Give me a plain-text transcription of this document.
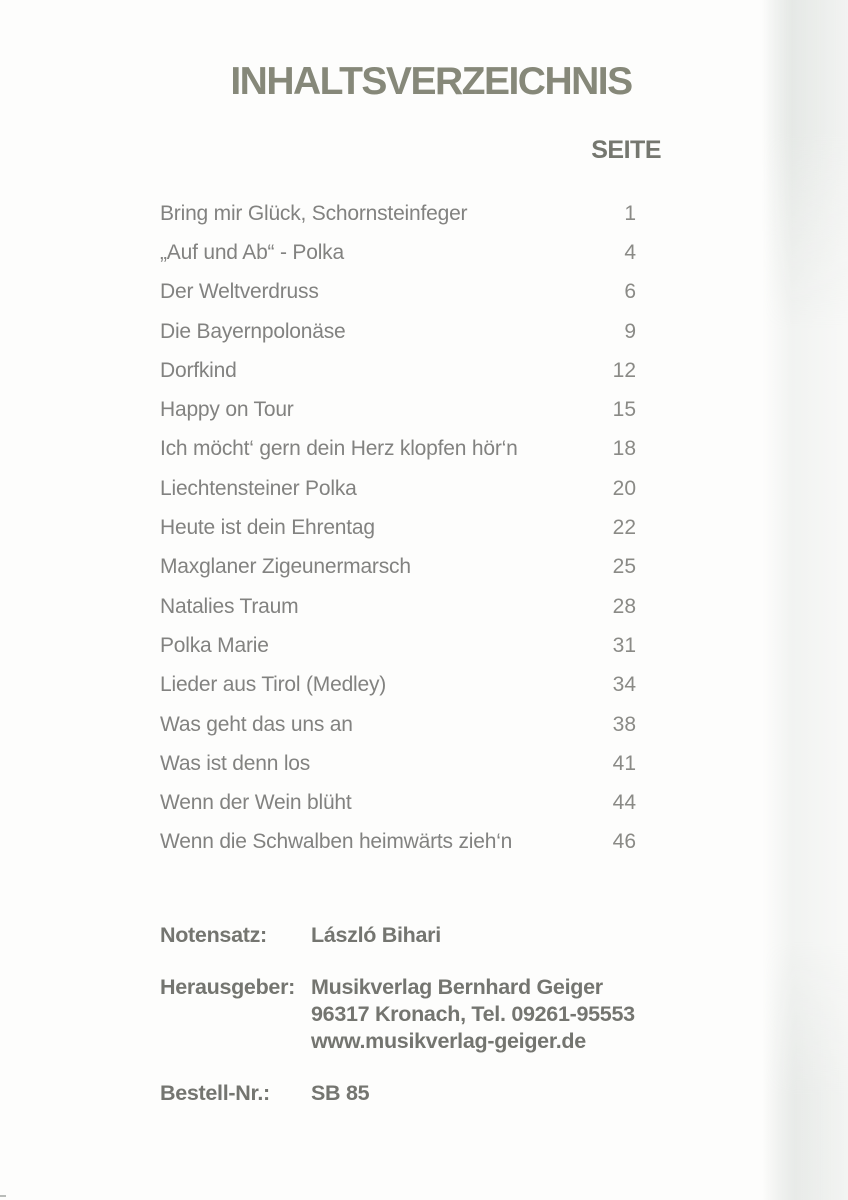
INHALTSVERZEICHNIS
SEITE
Bring mir Glück, Schornsteinfeger	1
„Auf und Ab“ - Polka	4
Der Weltverdruss	6
Die Bayernpolonäse	9
Dorfkind	12
Happy on Tour	15
Ich möcht‘ gern dein Herz klopfen hör‘n	18
Liechtensteiner Polka	20
Heute ist dein Ehrentag	22
Maxglaner Zigeunermarsch	25
Natalies Traum	28
Polka Marie	31
Lieder aus Tirol (Medley)	34
Was geht das uns an	38
Was ist denn los	41
Wenn der Wein blüht	44
Wenn die Schwalben heimwärts zieh‘n	46
Notensatz:	László Bihari
Herausgeber: Musikverlag Bernhard Geiger
96317 Kronach, Tel. 09261-95553
www.musikverlag-geiger.de
Bestell-Nr.:	SB 85
